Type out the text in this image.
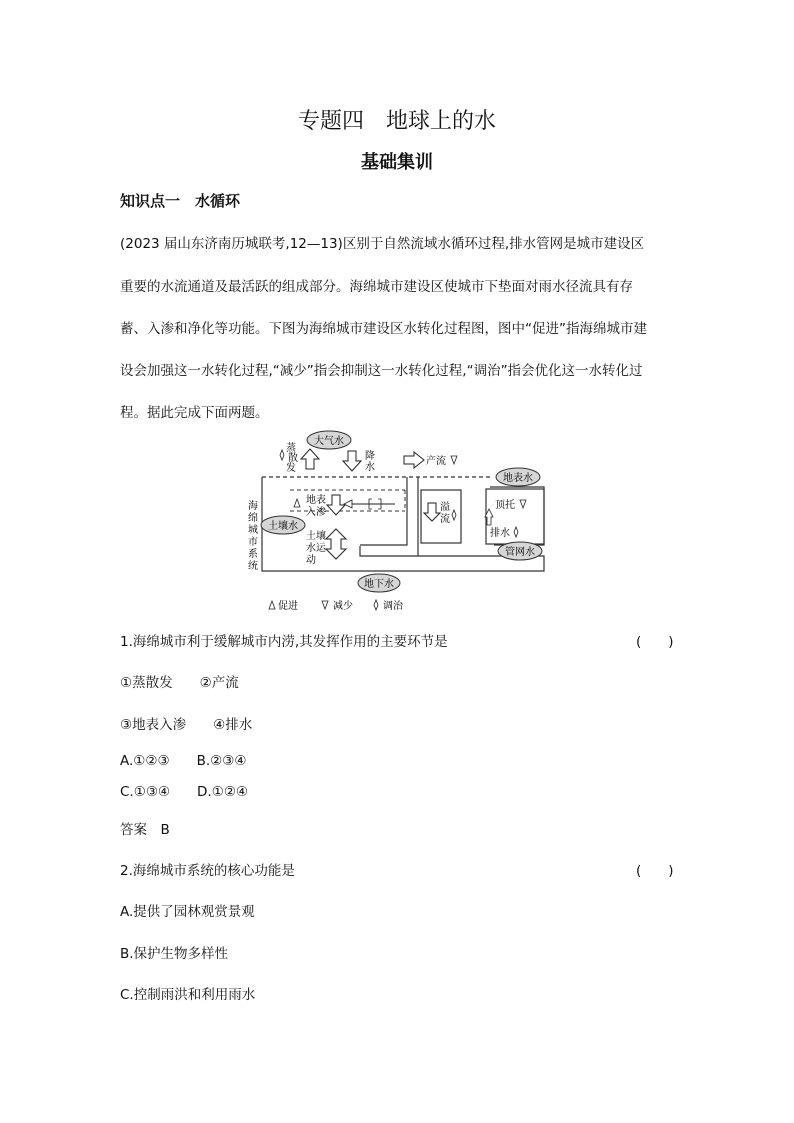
专题四　地球上的水
基础集训
知识点一　水循环
(2023 届山东济南历城联考,12—13)区别于自然流域水循环过程,排水管网是城市建设区
重要的水流通道及最活跃的组成部分。海绵城市建设区使城市下垫面对雨水径流具有存
蓄、入渗和净化等功能。下图为海绵城市建设区水转化过程图，图中“促进”指海绵城市建
设会加强这一水转化过程,“减少”指会抑制这一水转化过程,“调治”指会优化这一水转化过
程。据此完成下面两题。
大气水
蒸
散
发
降
水
产流
地表水
海
绵
城
市
系
统
土壤水
地表
入渗
土壤
水运
动
溢
流
顶托
排水
管网水
地下水
促进	减少	调治
1.海绵城市利于缓解城市内涝,其发挥作用的主要环节是	(　　)
①蒸散发　　②产流
③地表入渗　　④排水
A.①②③　　B.②③④
C.①③④　　D.①②④
答案　B
2.海绵城市系统的核心功能是	(　　)
A.提供了园林观赏景观
B.保护生物多样性
C.控制雨洪和利用雨水
